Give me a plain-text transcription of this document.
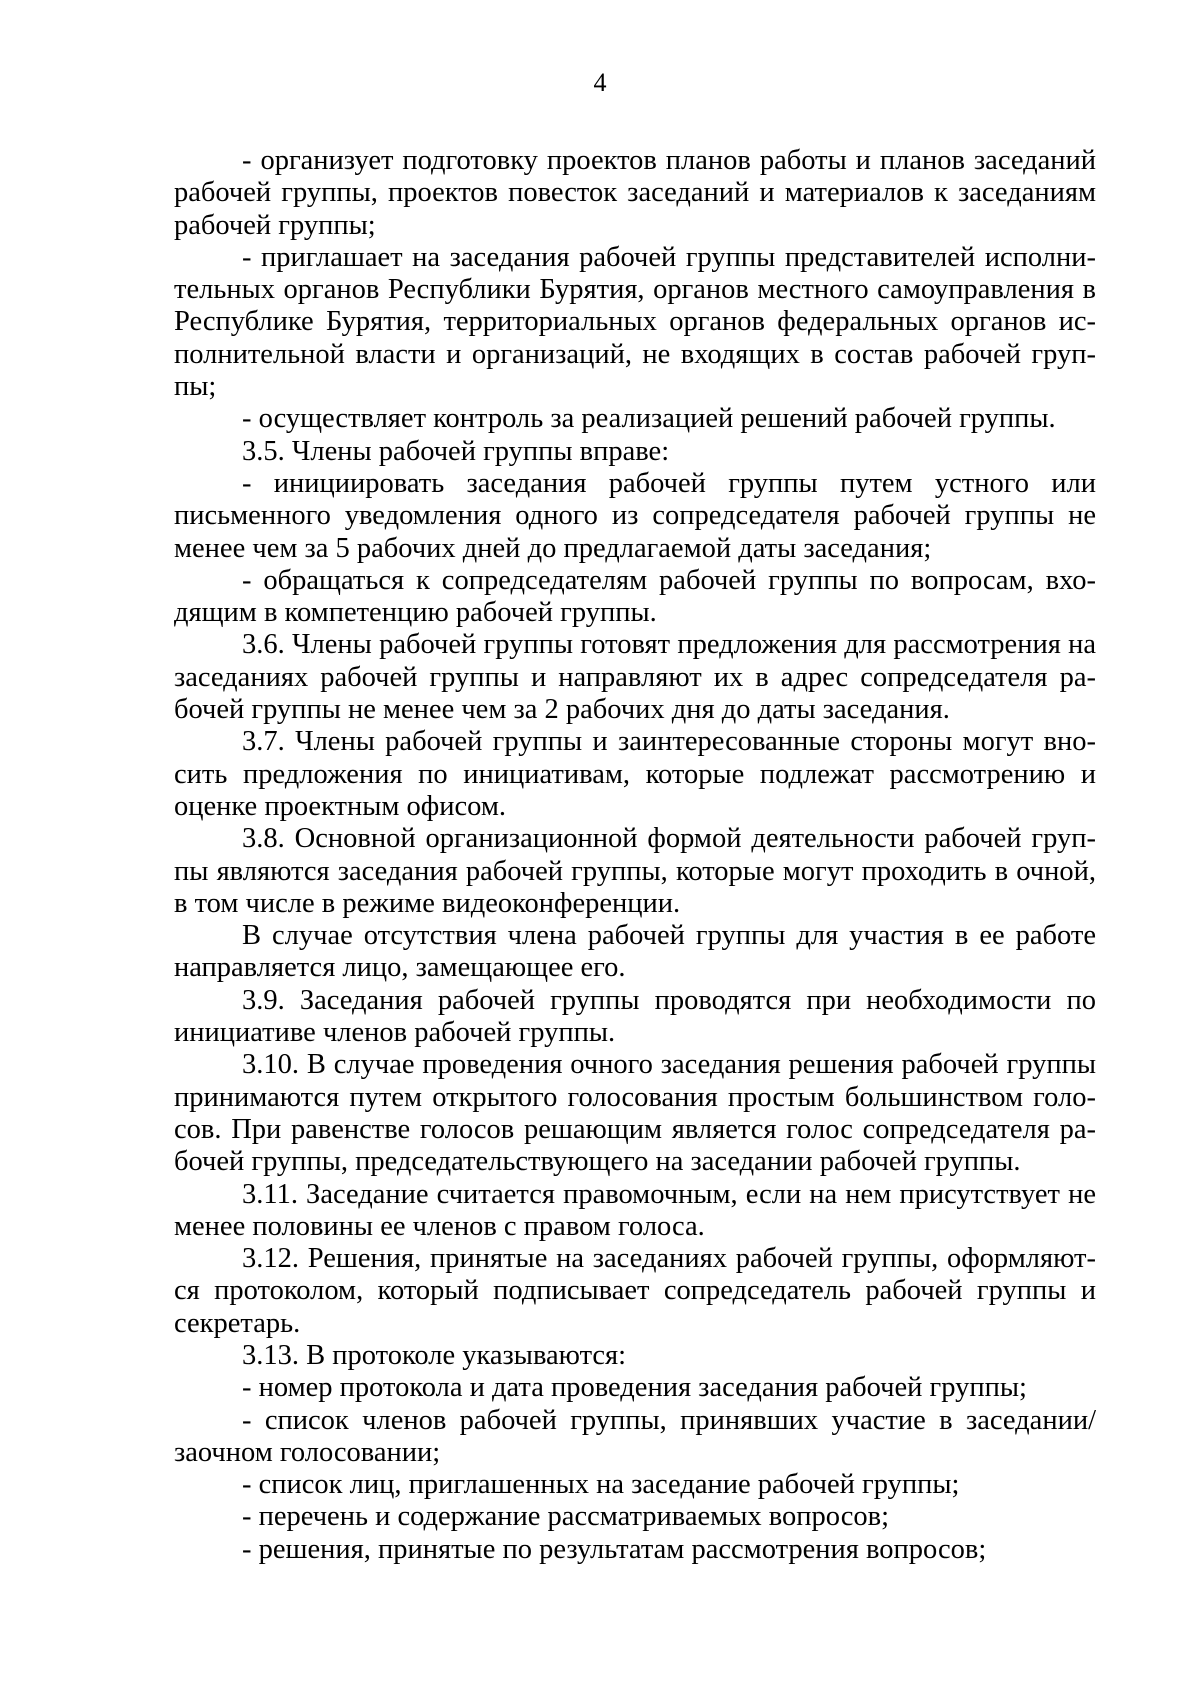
4

- организует подготовку проектов планов работы и планов заседаний рабочей группы, проектов повесток заседаний и материалов к заседаниям рабочей группы;

- приглашает на заседания рабочей группы представителей исполнительных органов Республики Бурятия, органов местного самоуправления в Республике Бурятия, территориальных органов федеральных органов исполнительной власти и организаций, не входящих в состав рабочей группы;

- осуществляет контроль за реализацией решений рабочей группы.

3.5. Члены рабочей группы вправе:

- инициировать заседания рабочей группы путем устного или письменного уведомления одного из сопредседателя рабочей группы не менее чем за 5 рабочих дней до предлагаемой даты заседания;

- обращаться к сопредседателям рабочей группы по вопросам, входящим в компетенцию рабочей группы.

3.6. Члены рабочей группы готовят предложения для рассмотрения на заседаниях рабочей группы и направляют их в адрес сопредседателя рабочей группы не менее чем за 2 рабочих дня до даты заседания.

3.7. Члены рабочей группы и заинтересованные стороны могут вносить предложения по инициативам, которые подлежат рассмотрению и оценке проектным офисом.

3.8. Основной организационной формой деятельности рабочей группы являются заседания рабочей группы, которые могут проходить в очной, в том числе в режиме видеоконференции.

В случае отсутствия члена рабочей группы для участия в ее работе направляется лицо, замещающее его.

3.9. Заседания рабочей группы проводятся при необходимости по инициативе членов рабочей группы.

3.10. В случае проведения очного заседания решения рабочей группы принимаются путем открытого голосования простым большинством голосов. При равенстве голосов решающим является голос сопредседателя рабочей группы, председательствующего на заседании рабочей группы.

3.11. Заседание считается правомочным, если на нем присутствует не менее половины ее членов с правом голоса.

3.12. Решения, принятые на заседаниях рабочей группы, оформляются протоколом, который подписывает сопредседатель рабочей группы и секретарь.

3.13. В протоколе указываются:

- номер протокола и дата проведения заседания рабочей группы;

- список членов рабочей группы, принявших участие в заседании/заочном голосовании;

- список лиц, приглашенных на заседание рабочей группы;

- перечень и содержание рассматриваемых вопросов;

- решения, принятые по результатам рассмотрения вопросов;
